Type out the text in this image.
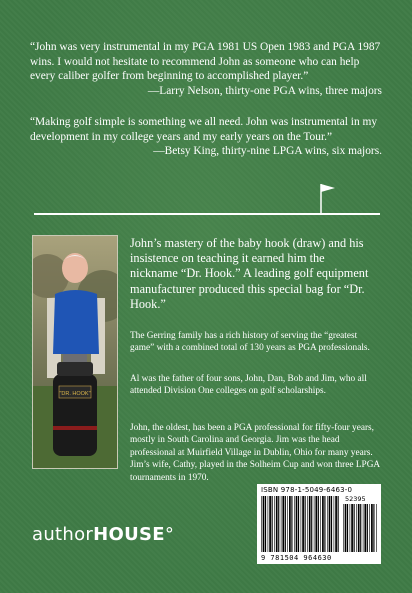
“John was very instrumental in my PGA 1981 US Open 1983 and PGA 1987 wins. I would not hesitate to recommend John as someone who can help every caliber golfer from beginning to accomplished player.”
—Larry Nelson, thirty-one PGA wins, three majors
“Making golf simple is something we all need. John was instrumental in my development in my college years and my early years on the Tour.”
—Betsy King, thirty-nine LPGA wins, six majors.
"DR. HOOK"
John’s mastery of the baby hook (draw) and his insistence on teaching it earned him the nickname “Dr. Hook.” A leading golf equipment manufacturer produced this special bag for “Dr. Hook.”
The Gerring family has a rich history of serving the “greatest game” with a combined total of 130 years as PGA professionals.
Al was the father of four sons, John, Dan, Bob and Jim, who all attended Division One colleges on golf scholarships.
John, the oldest, has been a PGA professional for fifty-four years, mostly in South Carolina and Georgia. Jim was the head professional at Muirfield Village in Dublin, Ohio for many years. Jim’s wife, Cathy, played in the Solheim Cup and won three LPGA tournaments in 1970.
authorHOUSE°
ISBN 978-1-5049-6463-0
52395
9 781504 964630
